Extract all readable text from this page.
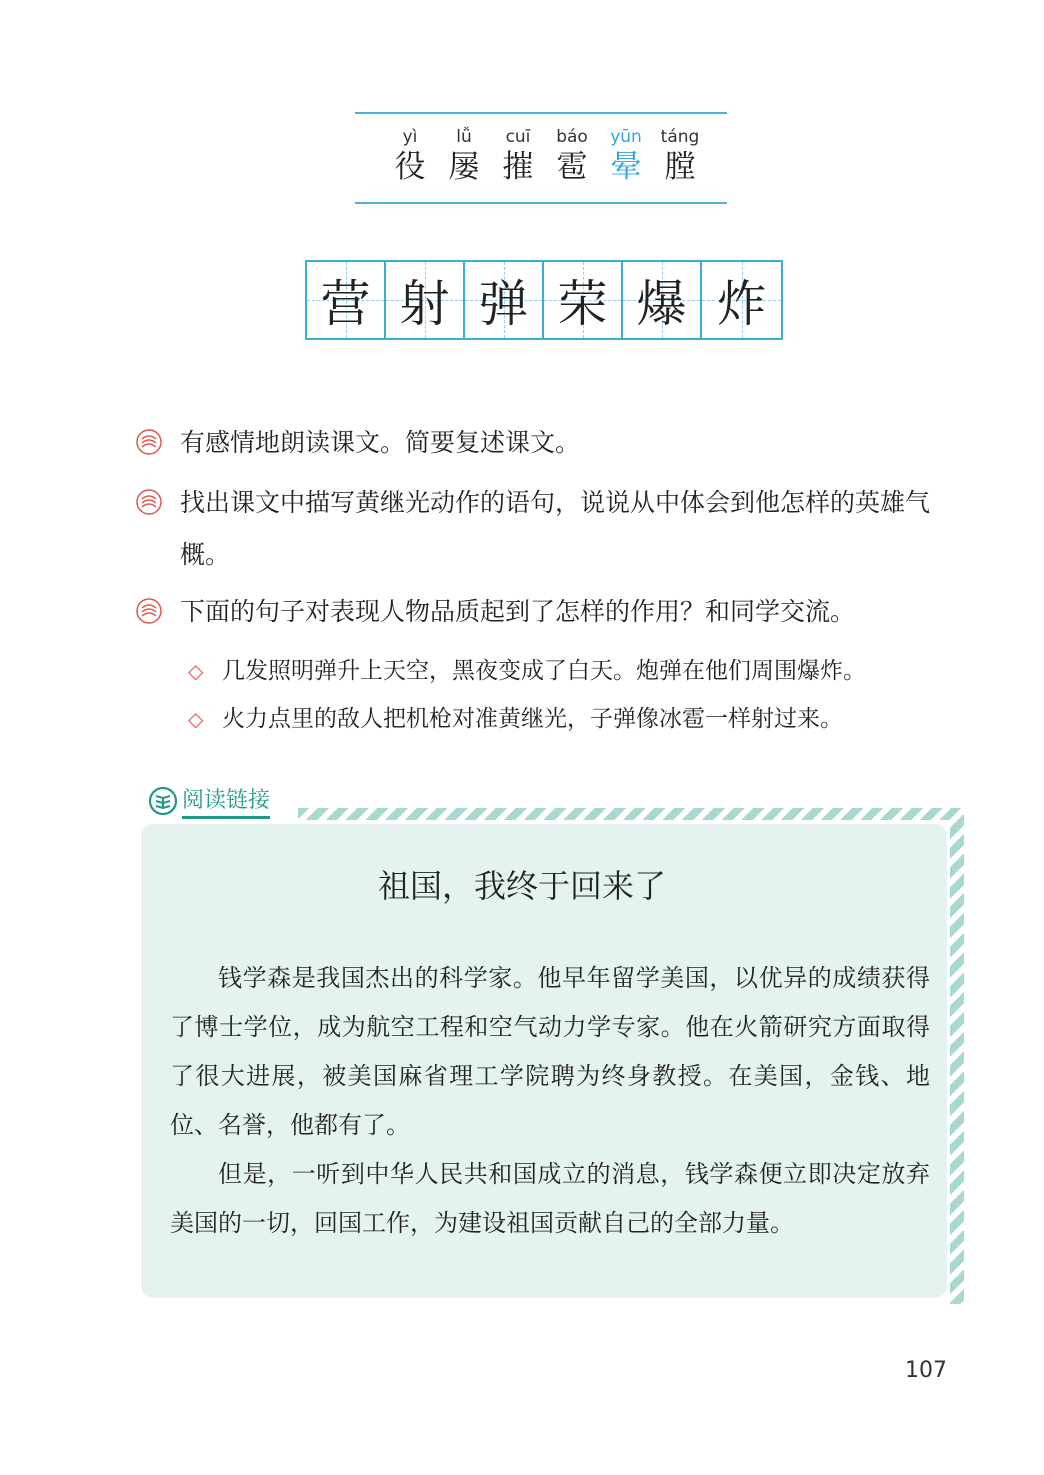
yì
役
lǚ
屡
cuī
摧
báo
雹
yūn
晕
táng
膛
营 射 弹 荣 爆 炸
有感情地朗读课文。简要复述课文。
找出课文中描写黄继光动作的语句，说说从中体会到他怎样的英雄气概。
下面的句子对表现人物品质起到了怎样的作用？和同学交流。
◇ 几发照明弹升上天空，黑夜变成了白天。炮弹在他们周围爆炸。
◇ 火力点里的敌人把机枪对准黄继光，子弹像冰雹一样射过来。
阅读链接
祖国，我终于回来了

钱学森是我国杰出的科学家。他早年留学美国，以优异的成绩获得了博士学位，成为航空工程和空气动力学专家。他在火箭研究方面取得了很大进展，被美国麻省理工学院聘为终身教授。在美国，金钱、地位、名誉，他都有了。

但是，一听到中华人民共和国成立的消息，钱学森便立即决定放弃美国的一切，回国工作，为建设祖国贡献自己的全部力量。

107
